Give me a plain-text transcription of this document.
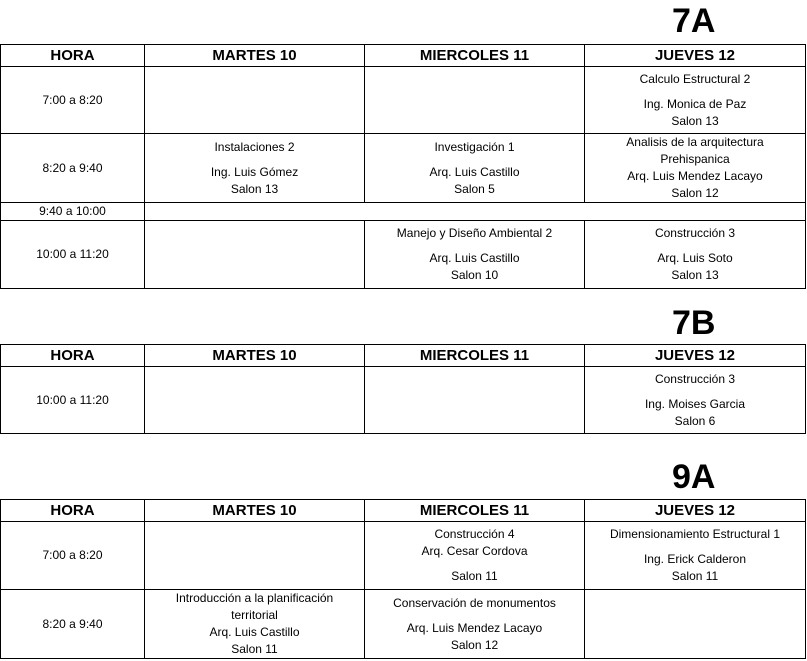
7A
HORA	MARTES 10	MIERCOLES 11	JUEVES 12
7:00 a 8:20			Calculo Estructural 2
Ing. Monica de Paz
Salon 13

8:20 a 9:40	Instalaciones 2
Ing. Luis Gómez
Salon 13	Investigación 1
Arq. Luis Castillo
Salon 5	Analisis de la arquitectura
Prehispanica
Arq. Luis Mendez Lacayo
Salon 12

9:40 a 10:00			
10:00 a 11:20		Manejo y Diseño Ambiental 2
Arq. Luis Castillo
Salon 10	Construcción 3
Arq. Luis Soto
Salon 13
7B
HORA	MARTES 10	MIERCOLES 11	JUEVES 12
10:00 a 11:20			Construcción 3
Ing. Moises Garcia
Salon 6
9A
HORA	MARTES 10	MIERCOLES 11	JUEVES 12
7:00 a 8:20		Construcción 4
Arq. Cesar Cordova
Salon 11	Dimensionamiento Estructural 1
Ing. Erick Calderon
Salon 11

8:20 a 9:40	Introducción a la planificación
territorial
Arq. Luis Castillo
Salon 11	Conservación de monumentos
Arq. Luis Mendez Lacayo
Salon 12	
